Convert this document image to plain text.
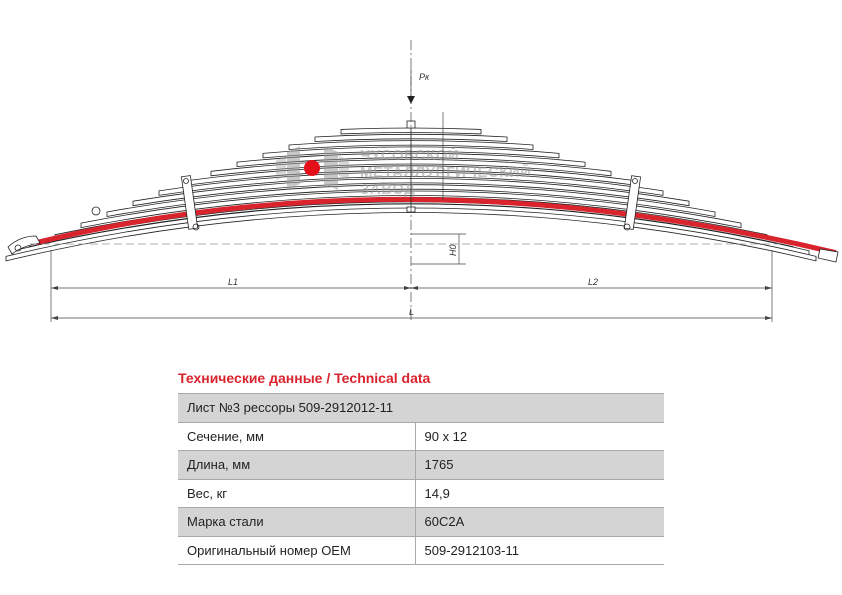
ЧУСОВСКОЙ
МЕТАЛЛУРГИЧЕСКИЙ
ЗАВОД
Pк
H0
L1	L2
L
Технические данные / Technical data
Лист №3 рессоры 509-2912012-11	
Сечение, мм	90 x 12
Длина, мм	1765
Вес, кг	14,9
Марка стали	60С2А
Оригинальный номер OEM	509-2912103-11
